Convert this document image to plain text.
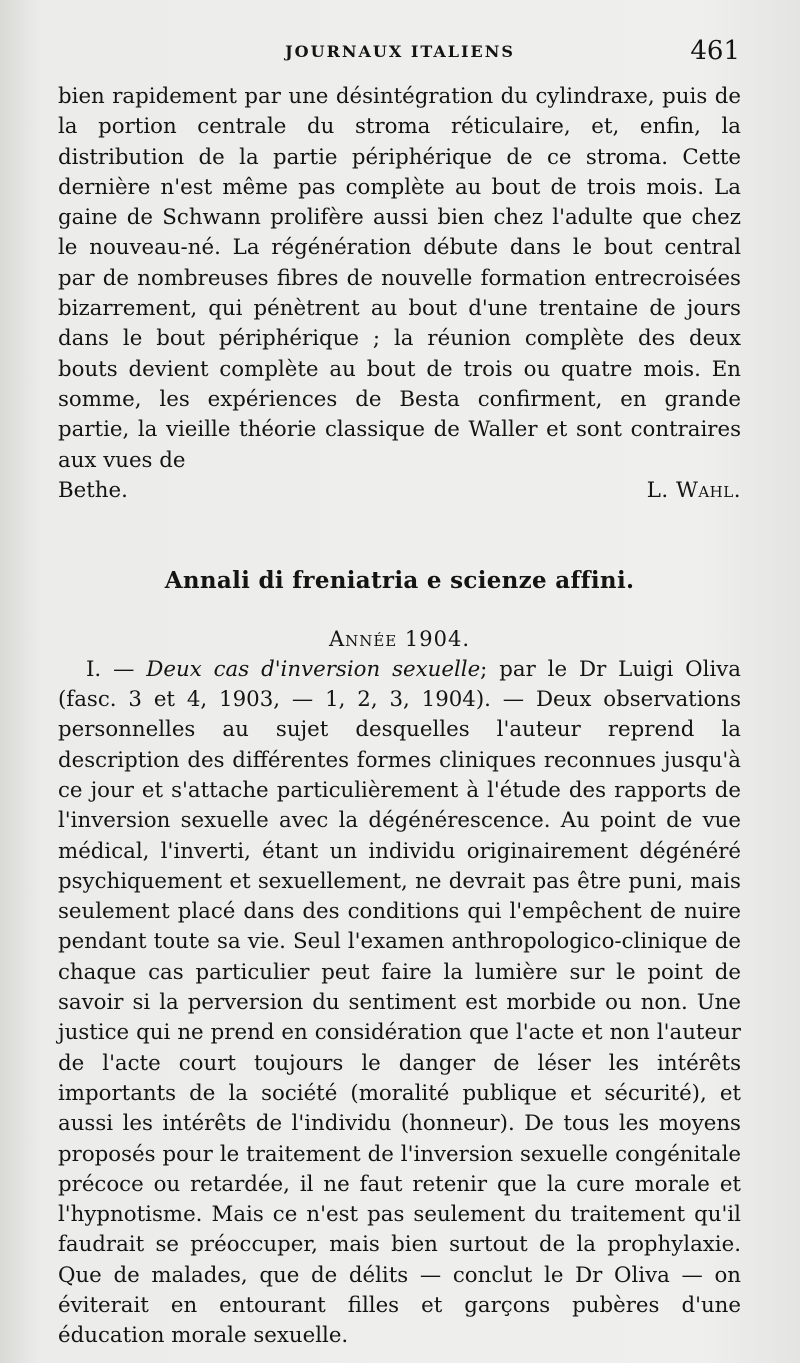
JOURNAUX ITALIENS	461

bien rapidement par une désintégration du cylindraxe, puis de la portion centrale du stroma réticulaire, et, enfin, la distribution de la partie périphérique de ce stroma. Cette dernière n'est même pas complète au bout de trois mois. La gaine de Schwann prolifère aussi bien chez l'adulte que chez le nouveau-né. La régénération débute dans le bout central par de nombreuses fibres de nouvelle formation entrecroisées bizarrement, qui pénètrent au bout d'une trentaine de jours dans le bout périphérique ; la réunion complète des deux bouts devient complète au bout de trois ou quatre mois. En somme, les expériences de Besta confirment, en grande partie, la vieille théorie classique de Waller et sont contraires aux vues de

Bethe.	L. Wahl.
Annali di freniatria e scienze affini.
Année 1904.

I. — Deux cas d'inversion sexuelle; par le Dr Luigi Oliva (fasc. 3 et 4, 1903, — 1, 2, 3, 1904). — Deux observations personnelles au sujet desquelles l'auteur reprend la description des différentes formes cliniques reconnues jusqu'à ce jour et s'attache particulièrement à l'étude des rapports de l'inversion sexuelle avec la dégénérescence. Au point de vue médical, l'inverti, étant un individu originairement dégénéré psychiquement et sexuellement, ne devrait pas être puni, mais seulement placé dans des conditions qui l'empêchent de nuire pendant toute sa vie. Seul l'examen anthropologico-clinique de chaque cas particulier peut faire la lumière sur le point de savoir si la perversion du sentiment est morbide ou non. Une justice qui ne prend en considération que l'acte et non l'auteur de l'acte court toujours le danger de léser les intérêts importants de la société (moralité publique et sécurité), et aussi les intérêts de l'individu (honneur). De tous les moyens proposés pour le traitement de l'inversion sexuelle congénitale précoce ou retardée, il ne faut retenir que la cure morale et l'hypnotisme. Mais ce n'est pas seulement du traitement qu'il faudrait se préoccuper, mais bien surtout de la prophylaxie. Que de malades, que de délits — conclut le Dr Oliva — on éviterait en entourant filles et garçons pubères d'une éducation morale sexuelle.
